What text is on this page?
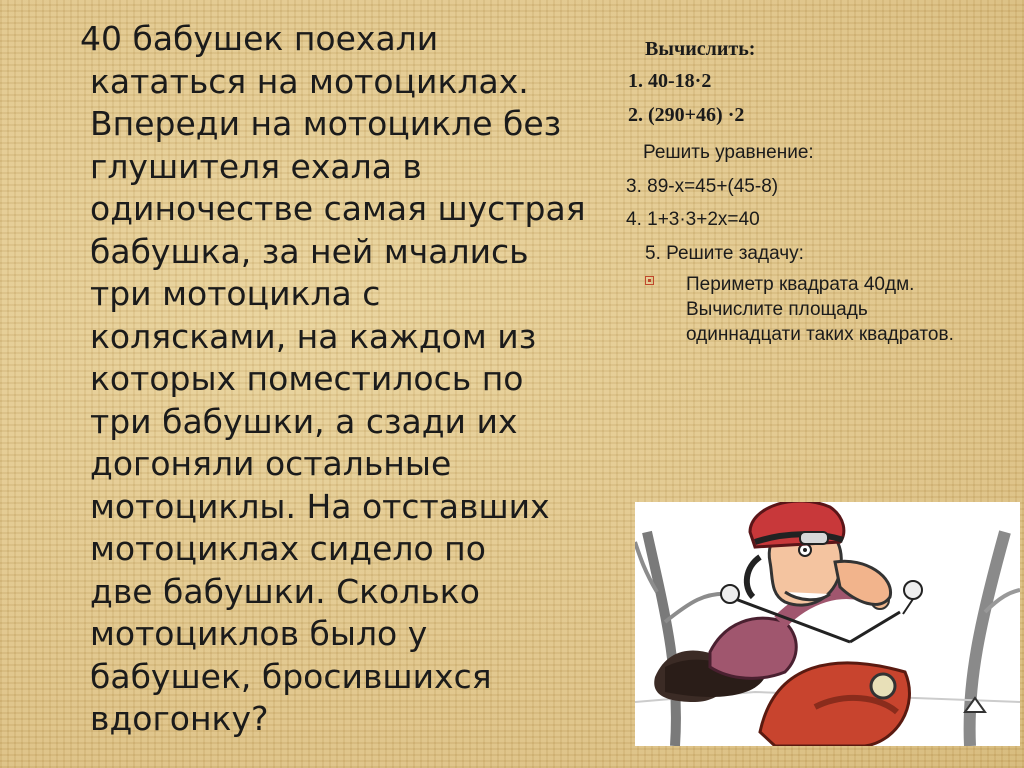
40 бабушек поехали
кататься на мотоциклах.
Впереди на мотоцикле без
глушителя ехала в
одиночестве самая шустрая
бабушка, за ней мчались
три мотоцикла с
колясками, на каждом из
которых поместилось по
три бабушки, а сзади их
догоняли остальные
мотоциклы. На отставших
мотоциклах сидело по
две бабушки. Сколько
мотоциклов было у
бабушек, бросившихся
вдогонку?
Вычислить:
1. 40-18·2
2. (290+46) ·2
Решить уравнение:
3. 89-х=45+(45-8)
4. 1+3·3+2х=40
5. Решите задачу:
Периметр квадрата 40дм. Вычислите площадь одиннадцати таких квадратов.
